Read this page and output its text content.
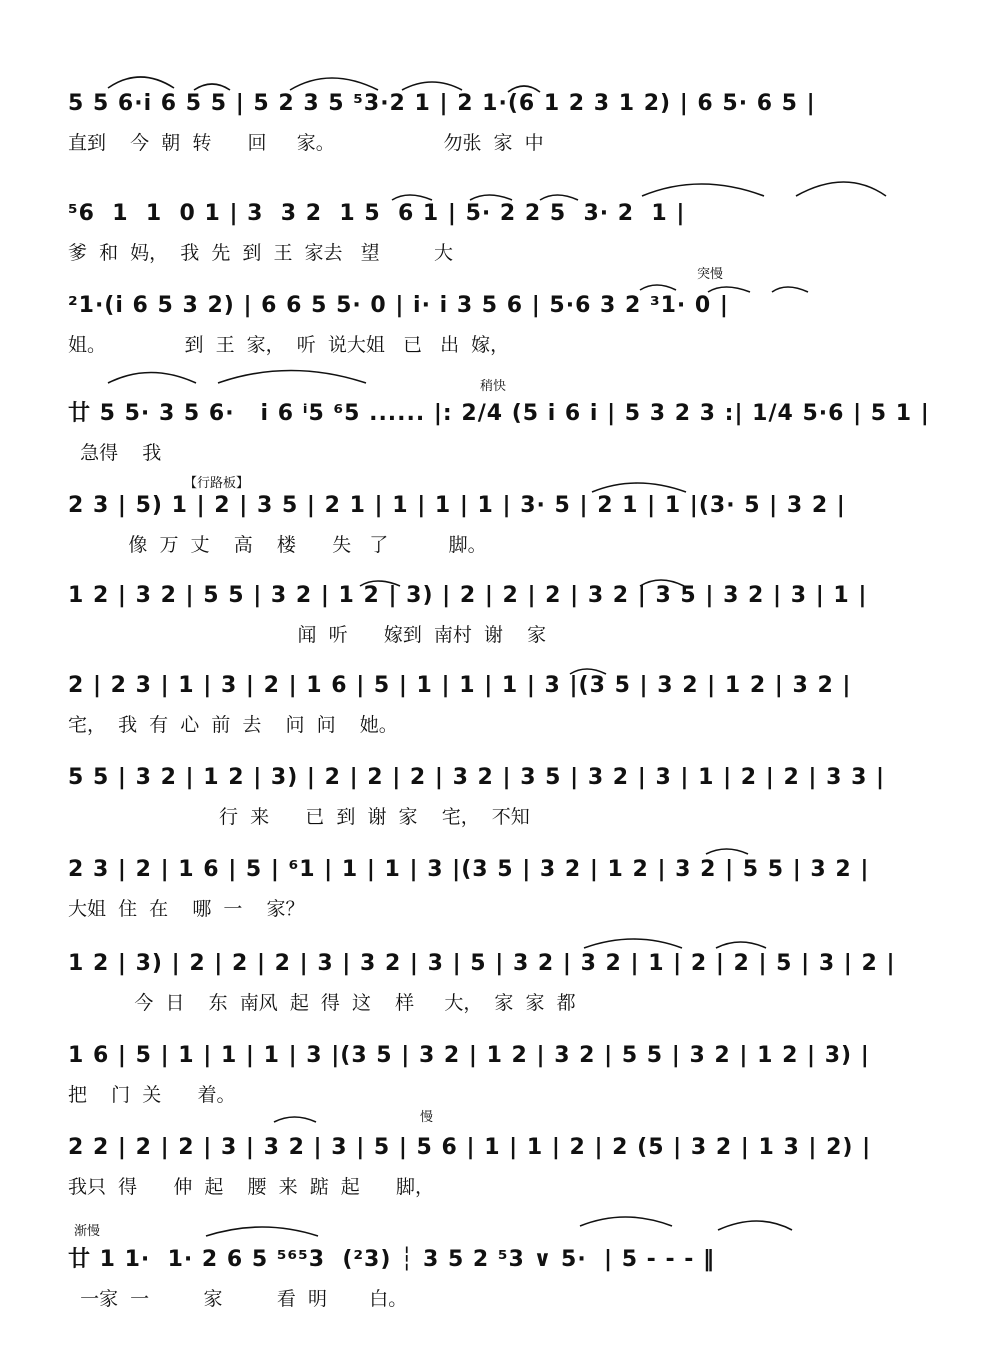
突慢
稍快
【行路板】
慢
渐慢
5 5 6·i 6 5 5 | 5 2 3 5 ⁵3·2 1 | 2 1·(6 1 2 3 1 2) | 6 5· 6 5 |
直到    今  朝  转      回     家。                  勿张  家  中
⁵6  1  1  0 1 | 3  3 2  1 5  6 1 | 5· 2 2 5  3· 2  1 |
爹  和  妈，  我  先  到  王  家去   望         大
²1·(i 6 5 3 2) | 6 6 5 5· 0 | i· i 3 5 6 | 5·6 3 2 ³1· 0 |
姐。             到  王  家，  听  说大姐   已   出  嫁，
廿 5 5· 3 5 6·   i 6 ⁱ5 ⁶5 ...... |: 2/4 (5 i 6 i | 5 3 2 3 :| 1/4 5·6 | 5 1 |
急得    我
2 3 | 5) 1 | 2 | 3 5 | 2 1 | 1 | 1 | 1 | 3· 5 | 2 1 | 1 |(3· 5 | 3 2 |
像  万  丈    高    楼      失   了          脚。
1 2 | 3 2 | 5 5 | 3 2 | 1 2 | 3) | 2 | 2 | 2 | 3 2 | 3 5 | 3 2 | 3 | 1 |
闻  听      嫁到  南村  谢    家
2 | 2 3 | 1 | 3 | 2 | 1 6 | 5 | 1 | 1 | 1 | 3 |(3 5 | 3 2 | 1 2 | 3 2 |
宅，  我  有  心  前  去    问  问    她。
5 5 | 3 2 | 1 2 | 3) | 2 | 2 | 2 | 3 2 | 3 5 | 3 2 | 3 | 1 | 2 | 2 | 3 3 |
行  来      已  到  谢  家    宅，  不知
2 3 | 2 | 1 6 | 5 | ⁶1 | 1 | 1 | 3 |(3 5 | 3 2 | 1 2 | 3 2 | 5 5 | 3 2 |
大姐  住  在    哪  一    家？
1 2 | 3) | 2 | 2 | 2 | 3 | 3 2 | 3 | 5 | 3 2 | 3 2 | 1 | 2 | 2 | 5 | 3 | 2 |
今  日    东  南风  起  得  这    样     大，  家  家  都
1 6 | 5 | 1 | 1 | 1 | 3 |(3 5 | 3 2 | 1 2 | 3 2 | 5 5 | 3 2 | 1 2 | 3) |
把    门  关      着。
2 2 | 2 | 2 | 3 | 3 2 | 3 | 5 | 5 6 | 1 | 1 | 2 | 2 (5 | 3 2 | 1 3 | 2) |
我只  得      伸  起    腰  来  踮  起      脚，
廿 1 1·  1· 2 6 5 ⁵⁶⁵3  (²3) ┆ 3 5 2 ⁵3 ∨ 5·  | 5 - - - ‖
一家  一         家         看  明       白。
